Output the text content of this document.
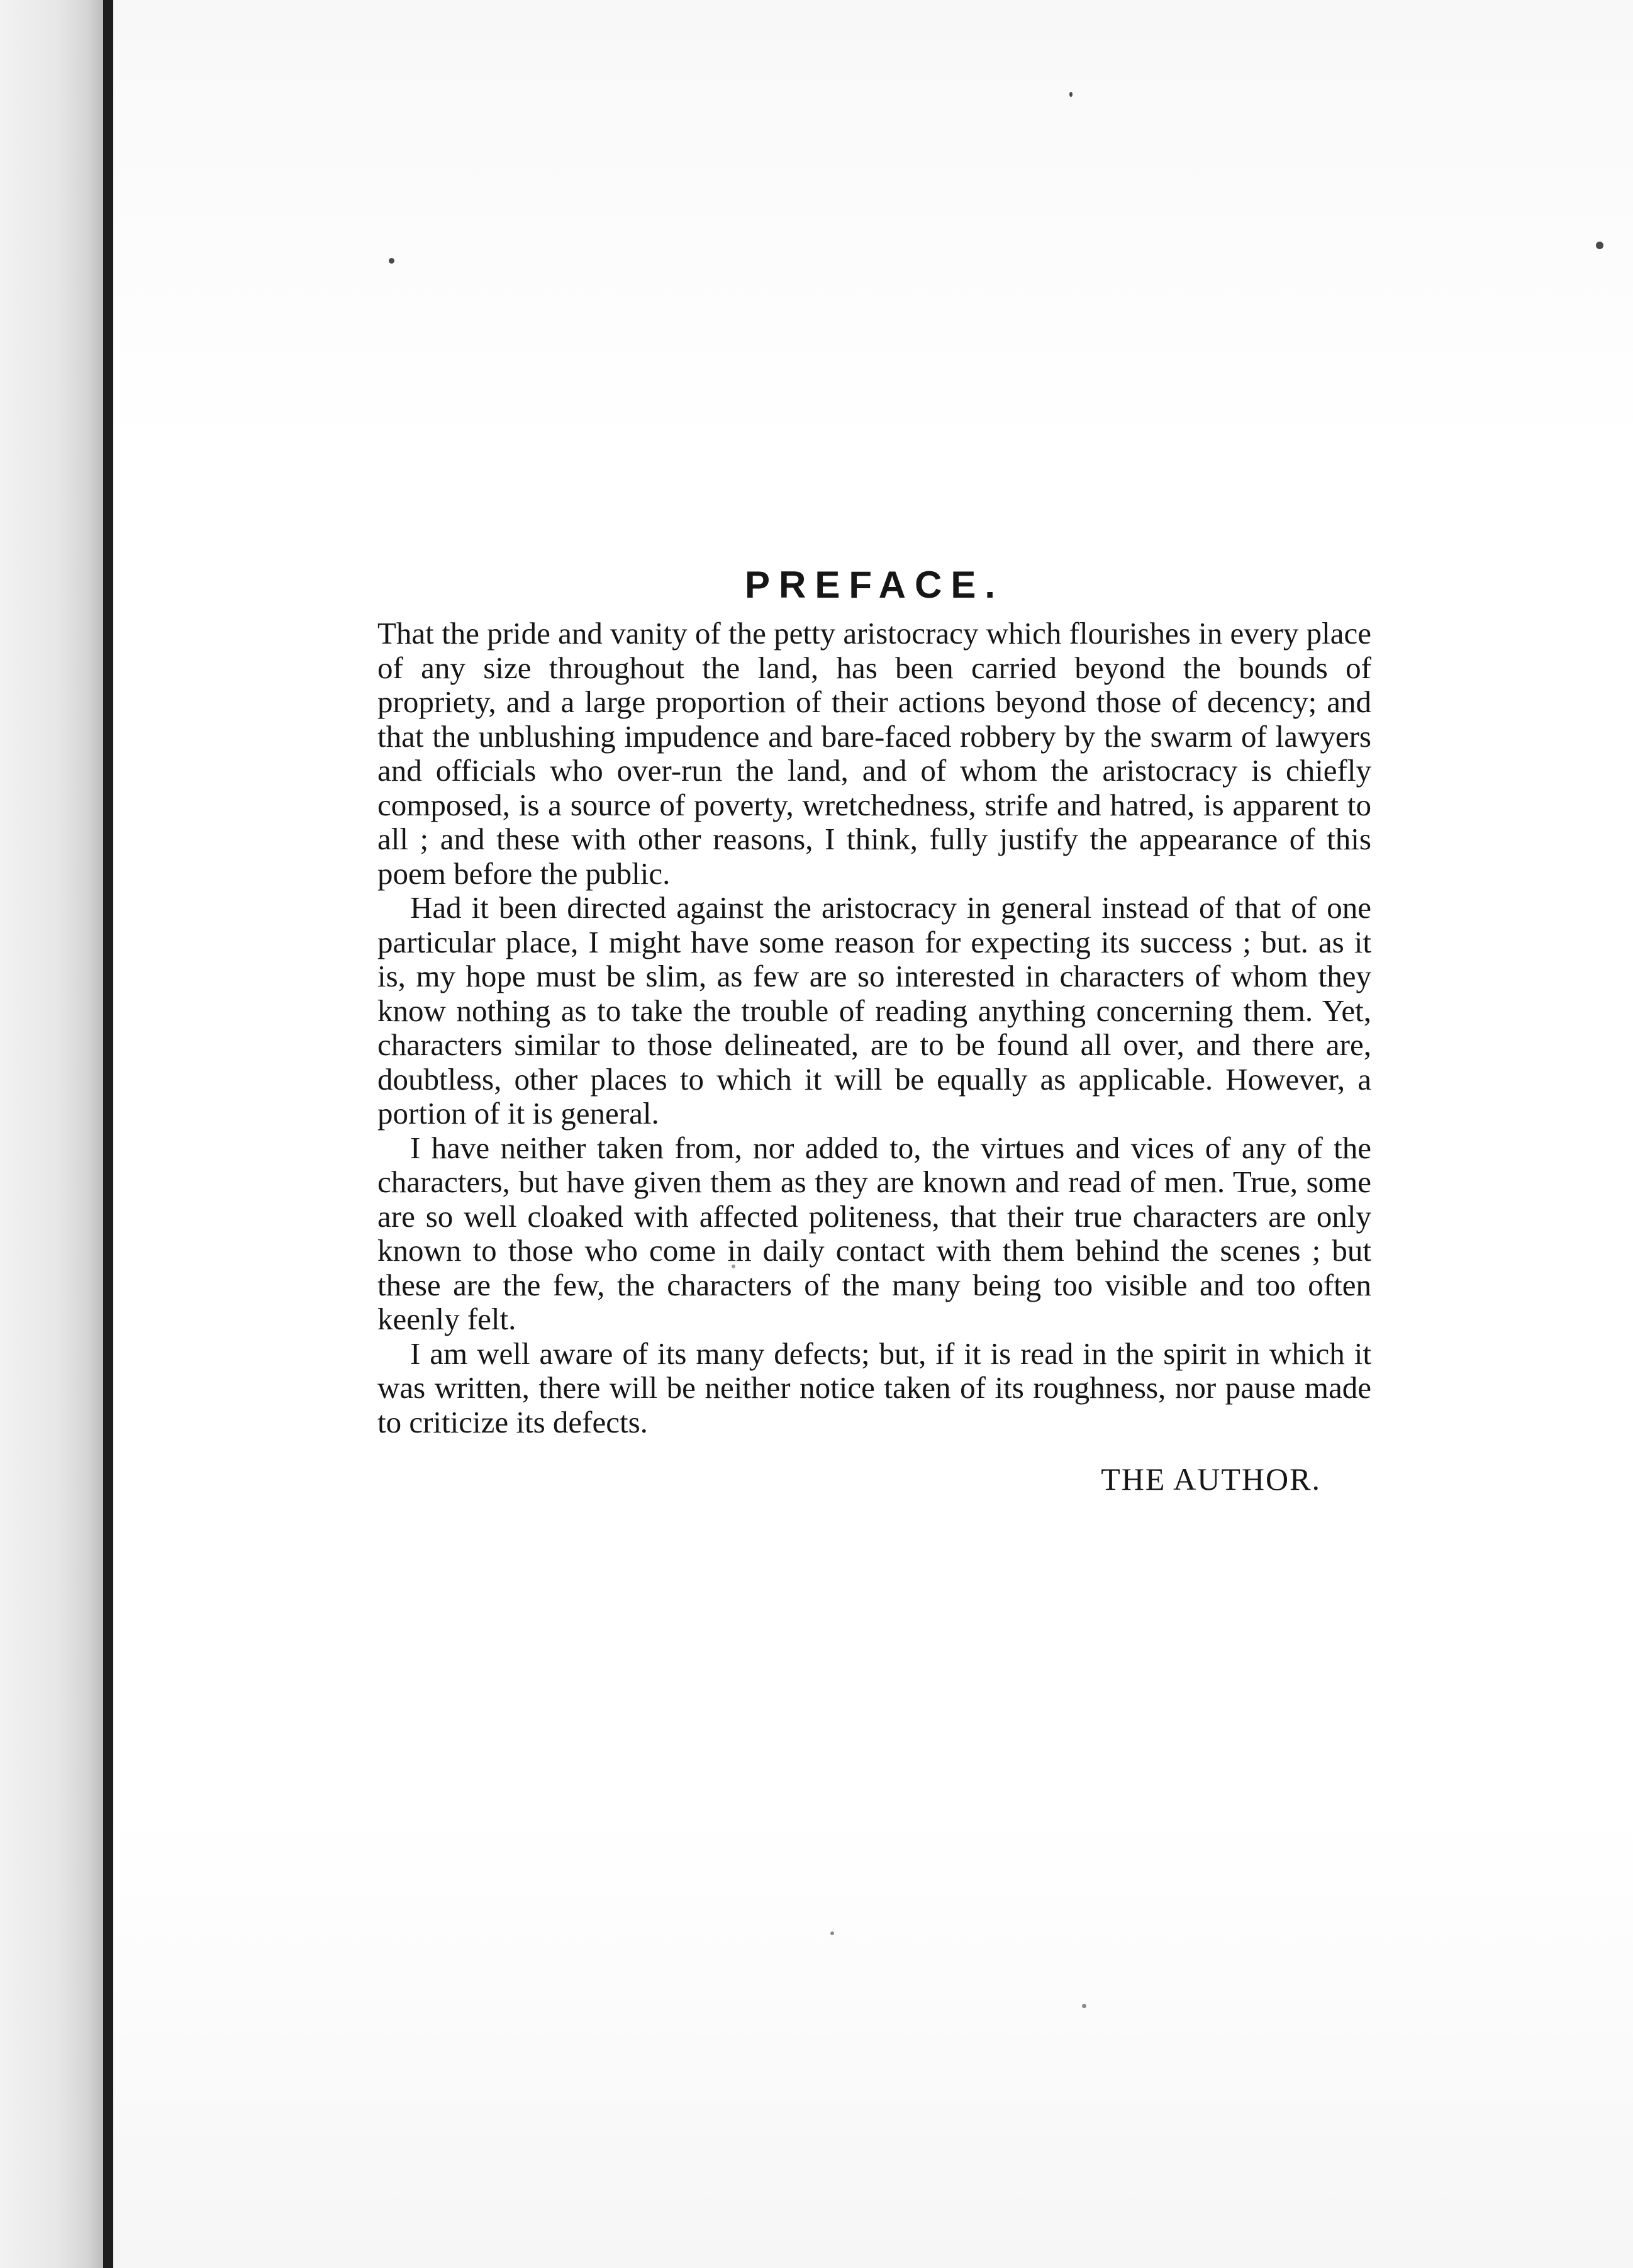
PREFACE.

That the pride and vanity of the petty aristocracy which flourishes in every place of any size throughout the land, has been carried beyond the bounds of propriety, and a large proportion of their actions beyond those of decency; and that the unblushing impudence and bare-faced robbery by the swarm of lawyers and officials who over-run the land, and of whom the aristocracy is chiefly composed, is a source of poverty, wretchedness, strife and hatred, is apparent to all ; and these with other reasons, I think, fully justify the appearance of this poem before the public.

Had it been directed against the aristocracy in general instead of that of one particular place, I might have some reason for expecting its success ; but. as it is, my hope must be slim, as few are so interested in characters of whom they know nothing as to take the trouble of reading anything concerning them. Yet, characters similar to those delineated, are to be found all over, and there are, doubtless, other places to which it will be equally as applicable. However, a portion of it is general.

I have neither taken from, nor added to, the virtues and vices of any of the characters, but have given them as they are known and read of men. True, some are so well cloaked with affected politeness, that their true characters are only known to those who come in daily contact with them behind the scenes ; but these are the few, the characters of the many being too visible and too often keenly felt.

I am well aware of its many defects; but, if it is read in the spirit in which it was written, there will be neither notice taken of its roughness, nor pause made to criticize its defects.

THE AUTHOR.
